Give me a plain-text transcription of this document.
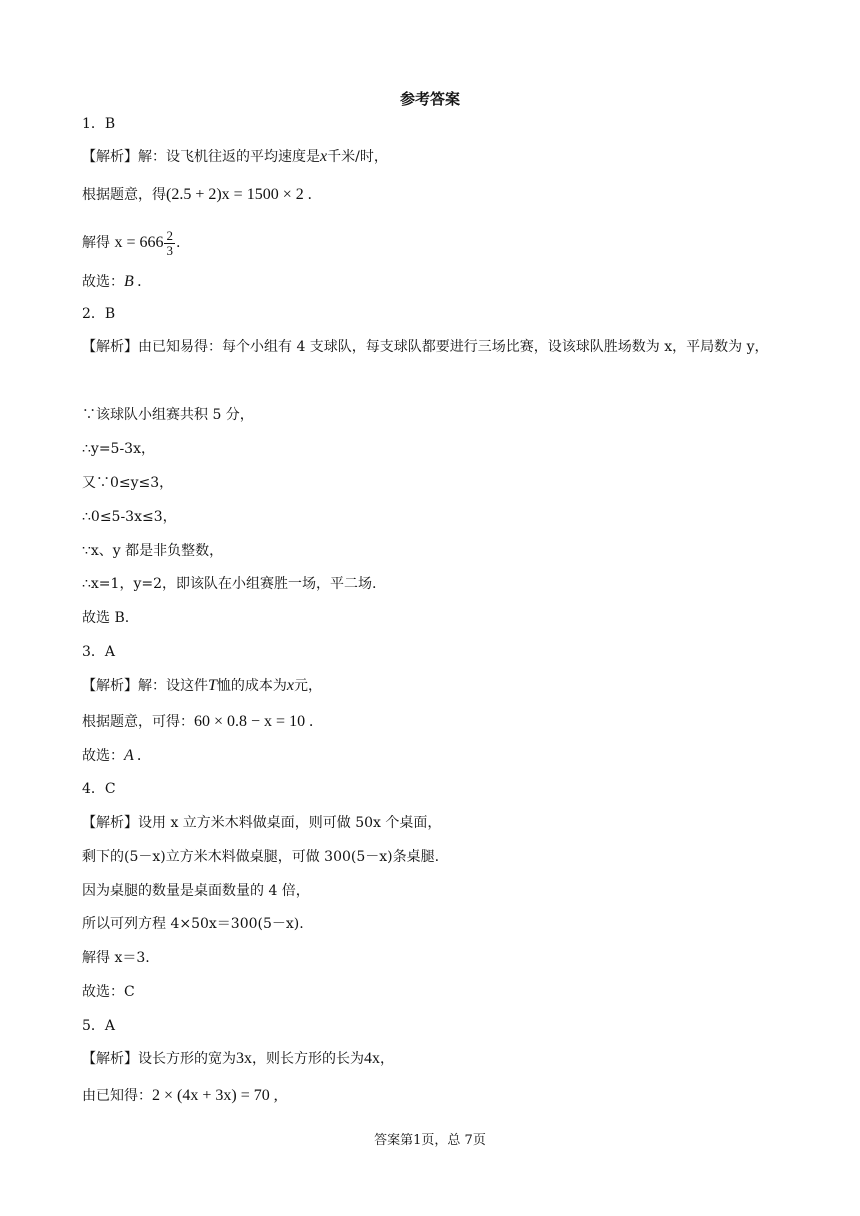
参考答案
1．B
【解析】解：设飞机往返的平均速度是x千米/时，
根据题意，得(2.5 + 2)x = 1500 × 2 .
解得 $x = 666 \frac{2}{3}$ .
故选：B .
2．B
【解析】由已知易得：每个小组有 4 支球队，每支球队都要进行三场比赛，设该球队胜场数为 x，平局数为 y，
∵该球队小组赛共积 5 分，
∴y=5-3x，
又∵0≤y≤3，
∴0≤5-3x≤3，
∵x、y 都是非负整数，
∴x=1，y=2，即该队在小组赛胜一场，平二场.
故选 B.
3．A
【解析】解：设这件T恤的成本为x元，
根据题意，可得：60 × 0.8 − x = 10 .
故选：A .
4．C
【解析】设用 x 立方米木料做桌面，则可做 50x 个桌面，
剩下的(5－x)立方米木料做桌腿，可做 300(5－x)条桌腿.
因为桌腿的数量是桌面数量的 4 倍，
所以可列方程 4×50x＝300(5－x).
解得 x＝3.
故选：C
5．A
【解析】设长方形的宽为3x，则长方形的长为4x，
由已知得：2 × (4x + 3x) = 70 ,
答案第1页，总 7页
